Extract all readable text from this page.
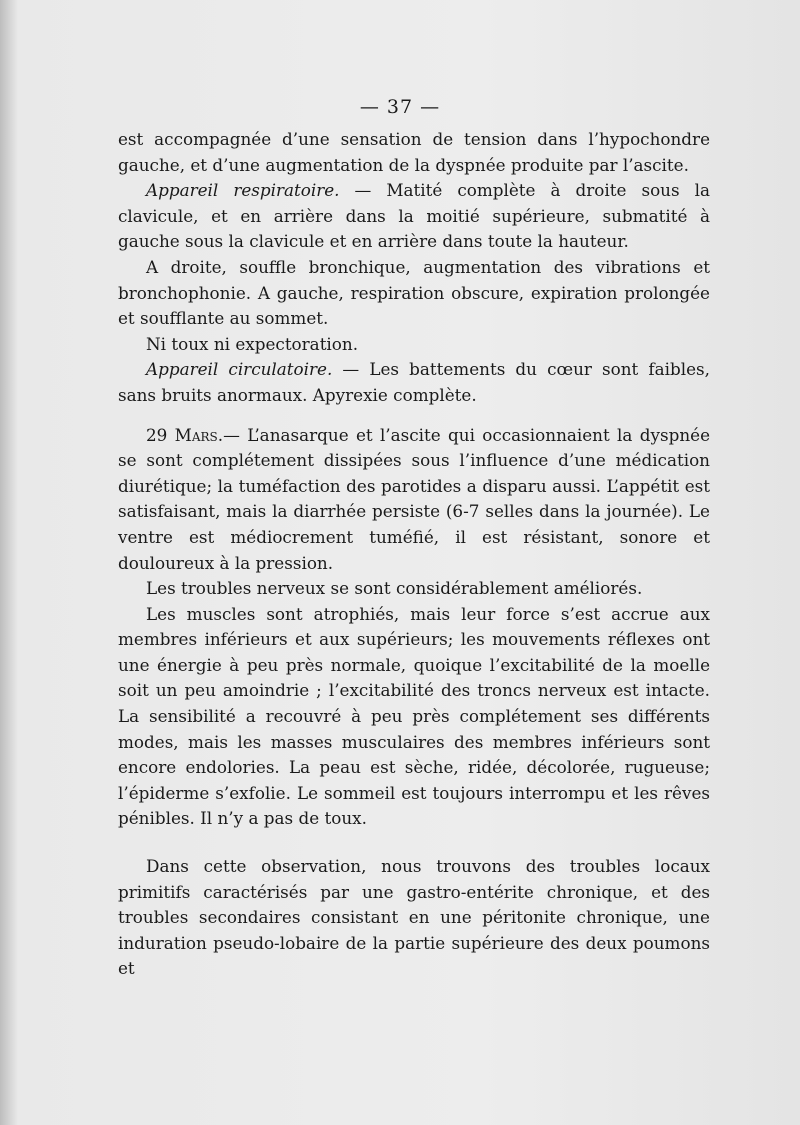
— 37 —

est accompagnée d’une sensation de tension dans l’hypochondre gauche, et d’une augmentation de la dyspnée produite par l’ascite.

Appareil respiratoire. — Matité complète à droite sous la clavicule, et en arrière dans la moitié supérieure, submatité à gauche sous la clavicule et en arrière dans toute la hauteur.

A droite, souffle bronchique, augmentation des vibrations et bronchophonie. A gauche, respiration obscure, expiration prolongée et soufflante au sommet.

Ni toux ni expectoration.

Appareil circulatoire. — Les battements du cœur sont faibles, sans bruits anormaux. Apyrexie complète.

29 Mars.— L’anasarque et l’ascite qui occasionnaient la dyspnée se sont complétement dissipées sous l’influence d’une médication diurétique; la tuméfaction des parotides a disparu aussi. L’appétit est satisfaisant, mais la diarrhée persiste (6-7 selles dans la journée). Le ventre est médiocrement tuméfié, il est résistant, sonore et douloureux à la pression.

Les troubles nerveux se sont considérablement améliorés.

Les muscles sont atrophiés, mais leur force s’est accrue aux membres inférieurs et aux supérieurs; les mouvements réflexes ont une énergie à peu près normale, quoique l’excitabilité de la moelle soit un peu amoindrie ; l’excitabilité des troncs nerveux est intacte. La sensibilité a recouvré à peu près complétement ses différents modes, mais les masses musculaires des membres inférieurs sont encore endolories. La peau est sèche, ridée, décolorée, rugueuse; l’épiderme s’exfolie. Le sommeil est toujours interrompu et les rêves pénibles. Il n’y a pas de toux.

Dans cette observation, nous trouvons des troubles locaux primitifs caractérisés par une gastro-entérite chronique, et des troubles secondaires consistant en une péritonite chronique, une induration pseudo-lobaire de la partie supérieure des deux poumons et
